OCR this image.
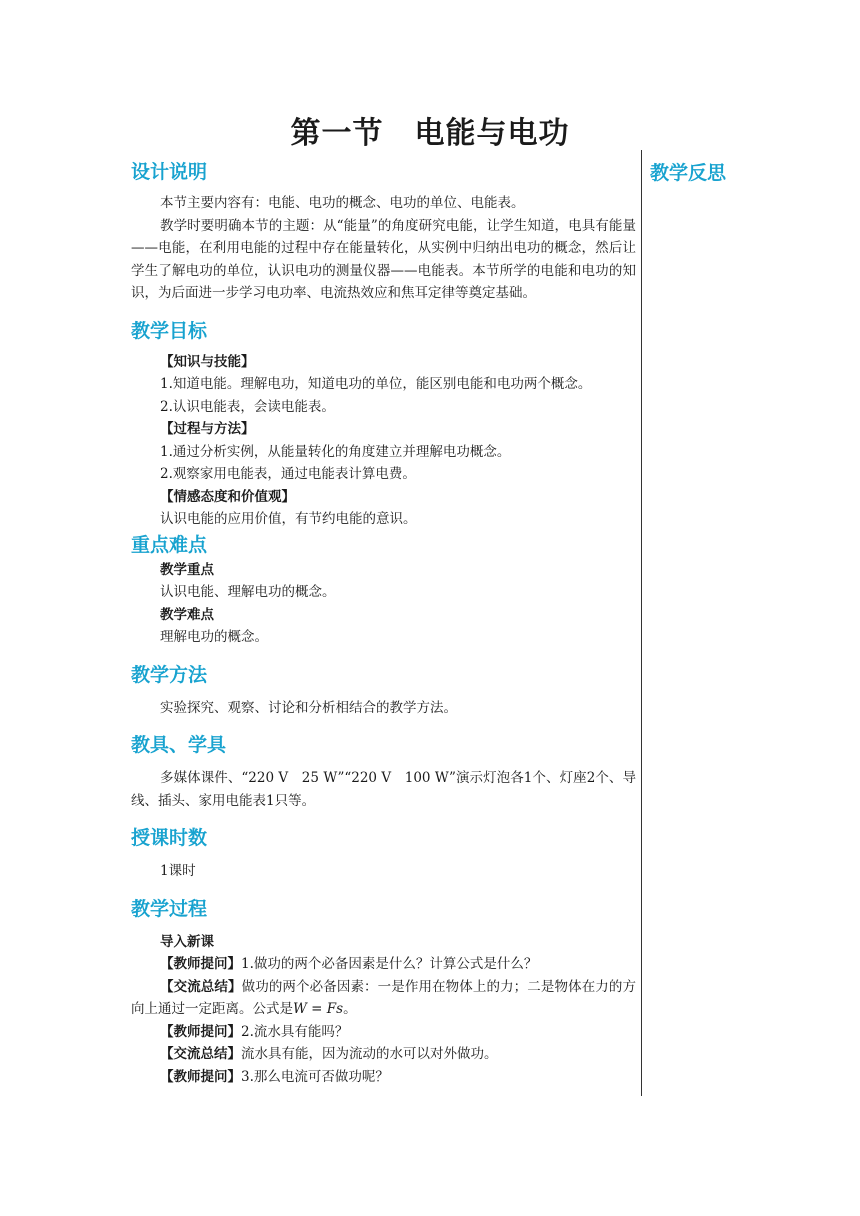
第一节　电能与电功
教学反思
设计说明

本节主要内容有：电能、电功的概念、电功的单位、电能表。

教学时要明确本节的主题：从“能量”的角度研究电能，让学生知道，电具有能量——电能，在利用电能的过程中存在能量转化，从实例中归纳出电功的概念，然后让学生了解电功的单位，认识电功的测量仪器——电能表。本节所学的电能和电功的知识，为后面进一步学习电功率、电流热效应和焦耳定律等奠定基础。

教学目标

【知识与技能】

1.知道电能。理解电功，知道电功的单位，能区别电能和电功两个概念。

2.认识电能表，会读电能表。

【过程与方法】

1.通过分析实例，从能量转化的角度建立并理解电功概念。

2.观察家用电能表，通过电能表计算电费。

【情感态度和价值观】

认识电能的应用价值，有节约电能的意识。

重点难点

教学重点

认识电能、理解电功的概念。

教学难点

理解电功的概念。

教学方法

实验探究、观察、讨论和分析相结合的教学方法。

教具、学具

多媒体课件、“220 V　25 W”“220 V　100 W”演示灯泡各1个、灯座2个、导线、插头、家用电能表1只等。

授课时数

1课时

教学过程

导入新课

【教师提问】1.做功的两个必备因素是什么？计算公式是什么？

【交流总结】做功的两个必备因素：一是作用在物体上的力；二是物体在力的方向上通过一定距离。公式是W = Fs。

【教师提问】2.流水具有能吗？

【交流总结】流水具有能，因为流动的水可以对外做功。

【教师提问】3.那么电流可否做功呢？
